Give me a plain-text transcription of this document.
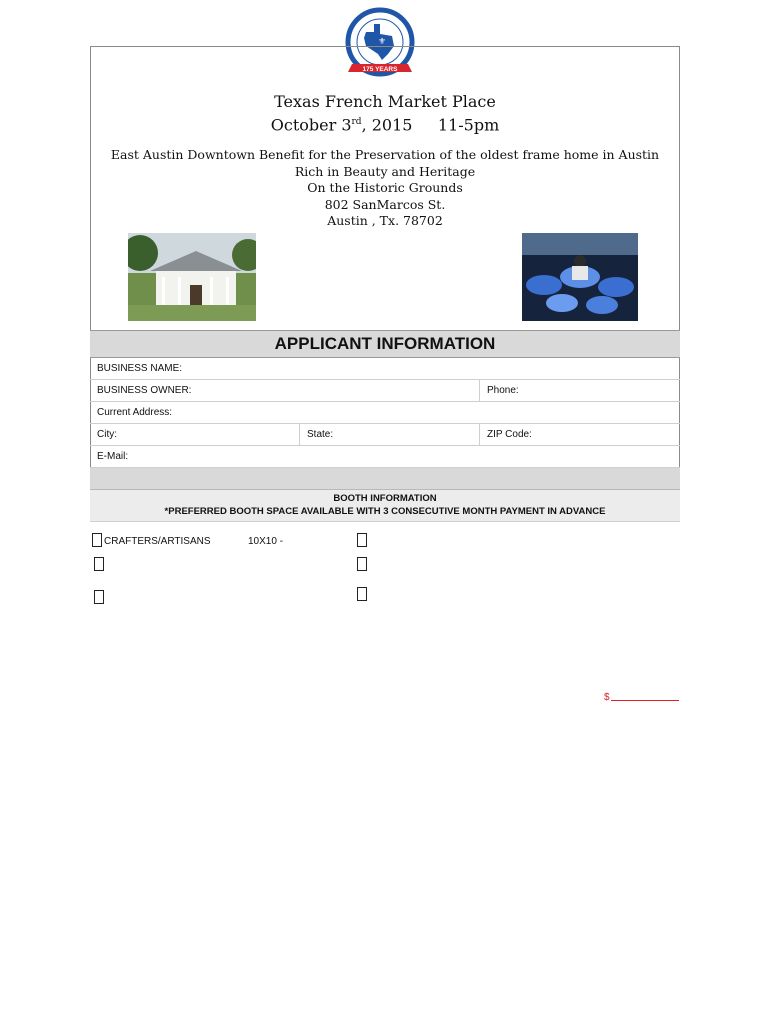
⚜
175 YEARS
Texas French Market Place
October 3rd, 2015 11-5pm
East Austin Downtown Benefit for the Preservation of the oldest frame home in Austin
Rich in Beauty and Heritage
On the Historic Grounds
802 SanMarcos St.
Austin , Tx. 78702
APPLICANT INFORMATION
BUSINESS NAME:
BUSINESS OWNER:	Phone:
Current Address:
City:	State:	ZIP Code:
E-Mail:
BOOTH INFORMATION
*PREFERRED BOOTH SPACE AVAILABLE WITH 3 CONSECUTIVE MONTH PAYMENT IN ADVANCE
CRAFTERS/ARTISANS	10X10 -
$
